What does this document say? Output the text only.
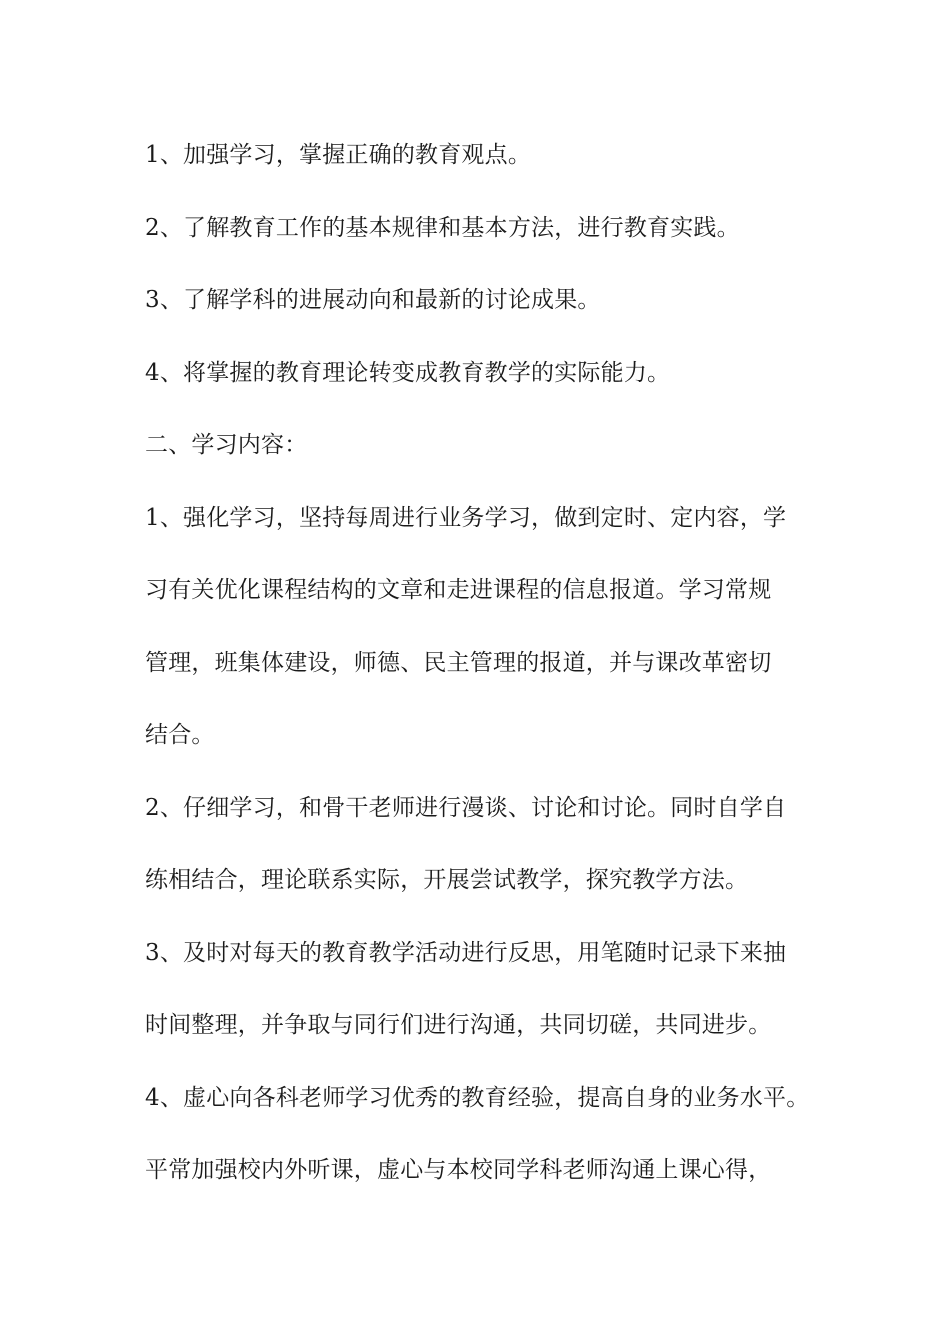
1、加强学习，掌握正确的教育观点。
2、了解教育工作的基本规律和基本方法，进行教育实践。
3、了解学科的进展动向和最新的讨论成果。
4、将掌握的教育理论转变成教育教学的实际能力。
二、学习内容：
1、强化学习，坚持每周进行业务学习，做到定时、定内容，学
习有关优化课程结构的文章和走进课程的信息报道。学习常规
管理，班集体建设，师德、民主管理的报道，并与课改革密切
结合。
2、仔细学习，和骨干老师进行漫谈、讨论和讨论。同时自学自
练相结合，理论联系实际，开展尝试教学，探究教学方法。
3、及时对每天的教育教学活动进行反思，用笔随时记录下来抽
时间整理，并争取与同行们进行沟通，共同切磋，共同进步。
4、虚心向各科老师学习优秀的教育经验，提高自身的业务水平。
平常加强校内外听课，虚心与本校同学科老师沟通上课心得，
